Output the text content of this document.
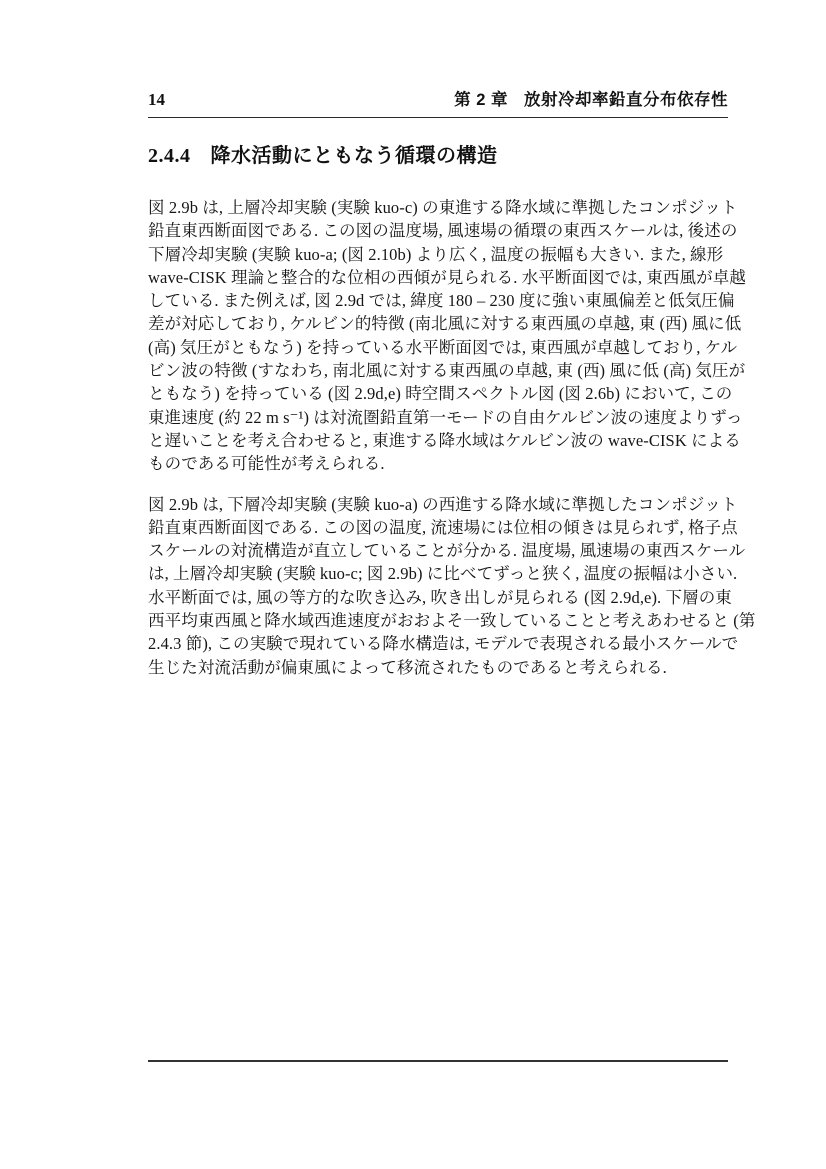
14	第 2 章 放射冷却率鉛直分布依存性
2.4.4 降水活動にともなう循環の構造
図 2.9b は, 上層冷却実験 (実験 kuo-c) の東進する降水域に準拠したコンポジット
鉛直東西断面図である. この図の温度場, 風速場の循環の東西スケールは, 後述の
下層冷却実験 (実験 kuo-a; (図 2.10b) より広く, 温度の振幅も大きい. また, 線形
wave-CISK 理論と整合的な位相の西傾が見られる. 水平断面図では, 東西風が卓越
している. また例えば, 図 2.9d では, 緯度 180 – 230 度に強い東風偏差と低気圧偏
差が対応しており, ケルビン的特徴 (南北風に対する東西風の卓越, 東 (西) 風に低
(高) 気圧がともなう) を持っている水平断面図では, 東西風が卓越しており, ケル
ビン波の特徴 (すなわち, 南北風に対する東西風の卓越, 東 (西) 風に低 (高) 気圧が
ともなう) を持っている (図 2.9d,e) 時空間スペクトル図 (図 2.6b) において, この
東進速度 (約 22 m s⁻¹) は対流圏鉛直第一モードの自由ケルビン波の速度よりずっ
と遅いことを考え合わせると, 東進する降水域はケルビン波の wave-CISK による
ものである可能性が考えられる.
図 2.9b は, 下層冷却実験 (実験 kuo-a) の西進する降水域に準拠したコンポジット
鉛直東西断面図である. この図の温度, 流速場には位相の傾きは見られず, 格子点
スケールの対流構造が直立していることが分かる. 温度場, 風速場の東西スケール
は, 上層冷却実験 (実験 kuo-c; 図 2.9b) に比べてずっと狭く, 温度の振幅は小さい.
水平断面では, 風の等方的な吹き込み, 吹き出しが見られる (図 2.9d,e). 下層の東
西平均東西風と降水域西進速度がおおよそ一致していることと考えあわせると (第
2.4.3 節), この実験で現れている降水構造は, モデルで表現される最小スケールで
生じた対流活動が偏東風によって移流されたものであると考えられる.
